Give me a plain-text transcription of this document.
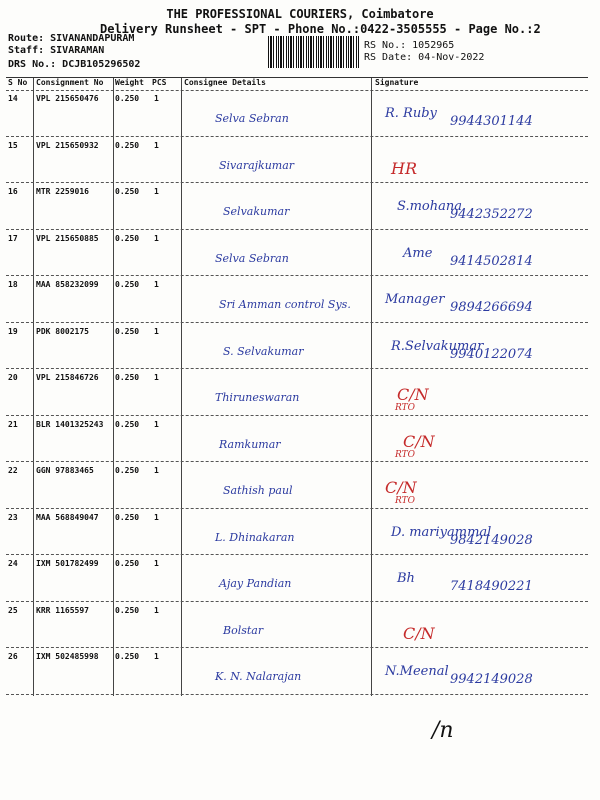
THE PROFESSIONAL COURIERS, Coimbatore
Delivery Runsheet - SPT - Phone No.:0422-3505555 - Page No.:2
Route: SIVANANDAPURAM
Staff: SIVARAMAN
DRS No.: DCJB105296502
RS No.: 1052965
RS Date: 04-Nov-2022
S No Consignment No Weight PCS Consignee Details	Signature
14 VPL 215650476 0.250 1
Selva Sebran	R. Ruby
9944301144
15 VPL 215650932 0.250 1
Sivarajkumar	HR
16 MTR 2259016	0.250 1
Selvakumar	S.mohana
9442352272
17 VPL 215650885 0.250 1
Selva Sebran	Ame
9414502814
18 MAA 858232099 0.250 1
Sri Amman control Sys.	Manager
9894266694
19 PDK 8002175	0.250 1
S. Selvakumar	R.Selvakumar
9940122074
20 VPL 215846726 0.250 1
Thiruneswaran	C/N
RTO
21 BLR 1401325243 0.250 1
Ramkumar	C/N
RTO
22 GGN 97883465	0.250 1
Sathish paul	C/N
RTO
23 MAA 568849047 0.250 1
L. Dhinakaran	D. mariyammal
9842149028
24 IXM 501782499 0.250 1
Ajay Pandian	Bh
7418490221
25 KRR 1165597	0.250 1
Bolstar	C/N
26 IXM 502485998 0.250 1
K. N. Nalarajan	N.Meenal
9942149028
/n
